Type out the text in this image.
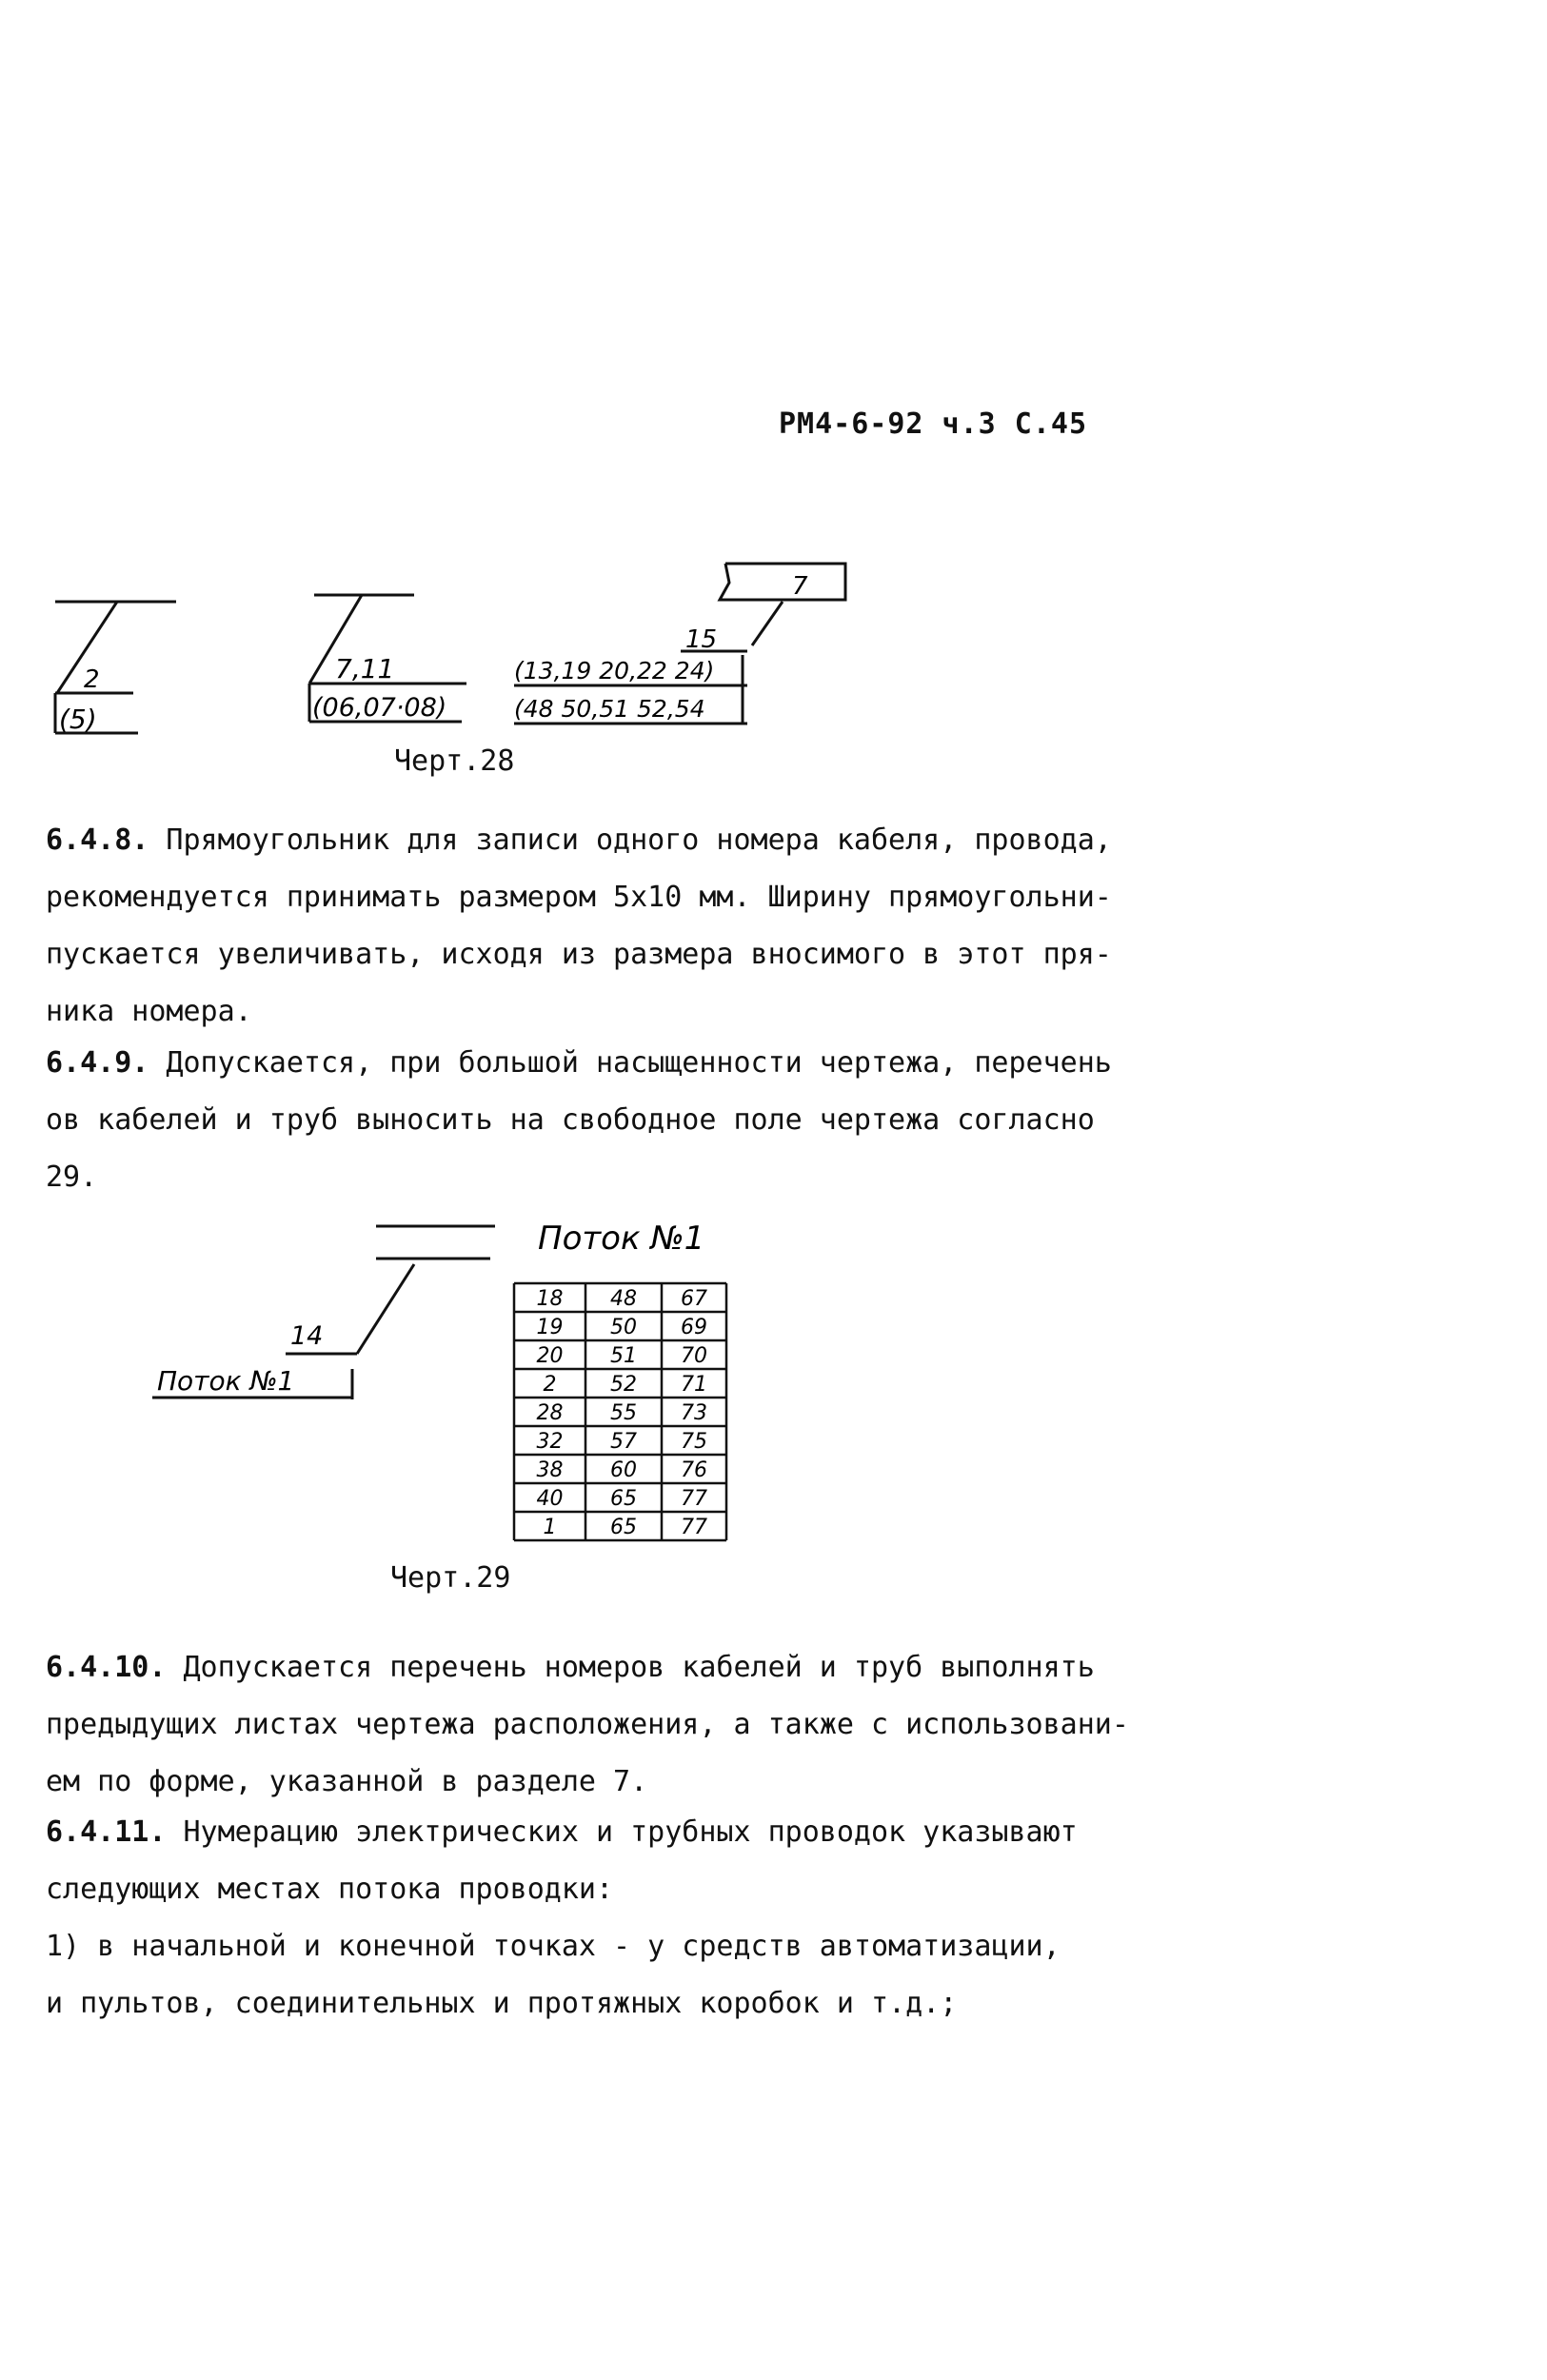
РМ4-6-92 ч.3 С.45
2
(5)
7,11
(06,07·08)
7
15
(13,19 20,22 24)
(48 50,51 52,54
Черт.28
6.4.8. Прямоугольник для записи одного номера кабеля, провода,
рекомендуется принимать размером 5х10 мм. Ширину прямоугольни-
пускается увеличивать, исходя из размера вносимого в этот пря-
ника номера.
6.4.9. Допускается, при большой насыщенности чертежа, перечень
ов кабелей и труб выносить на свободное поле чертежа согласно
29.
Поток №1
14
Поток №1
18 48 67
19 50 69
20 51 70
2	52 71
28 55 73
32 57 75
38 60 76
40 65 77
1	65 77
Черт.29
6.4.10. Допускается перечень номеров кабелей и труб выполнять
предыдущих листах чертежа расположения, а также с использовани-
ем по форме, указанной в разделе 7.
6.4.11. Нумерацию электрических и трубных проводок указывают
следующих местах потока проводки:
1) в начальной и конечной точках - у средств автоматизации,
и пультов, соединительных и протяжных коробок и т.д.;
